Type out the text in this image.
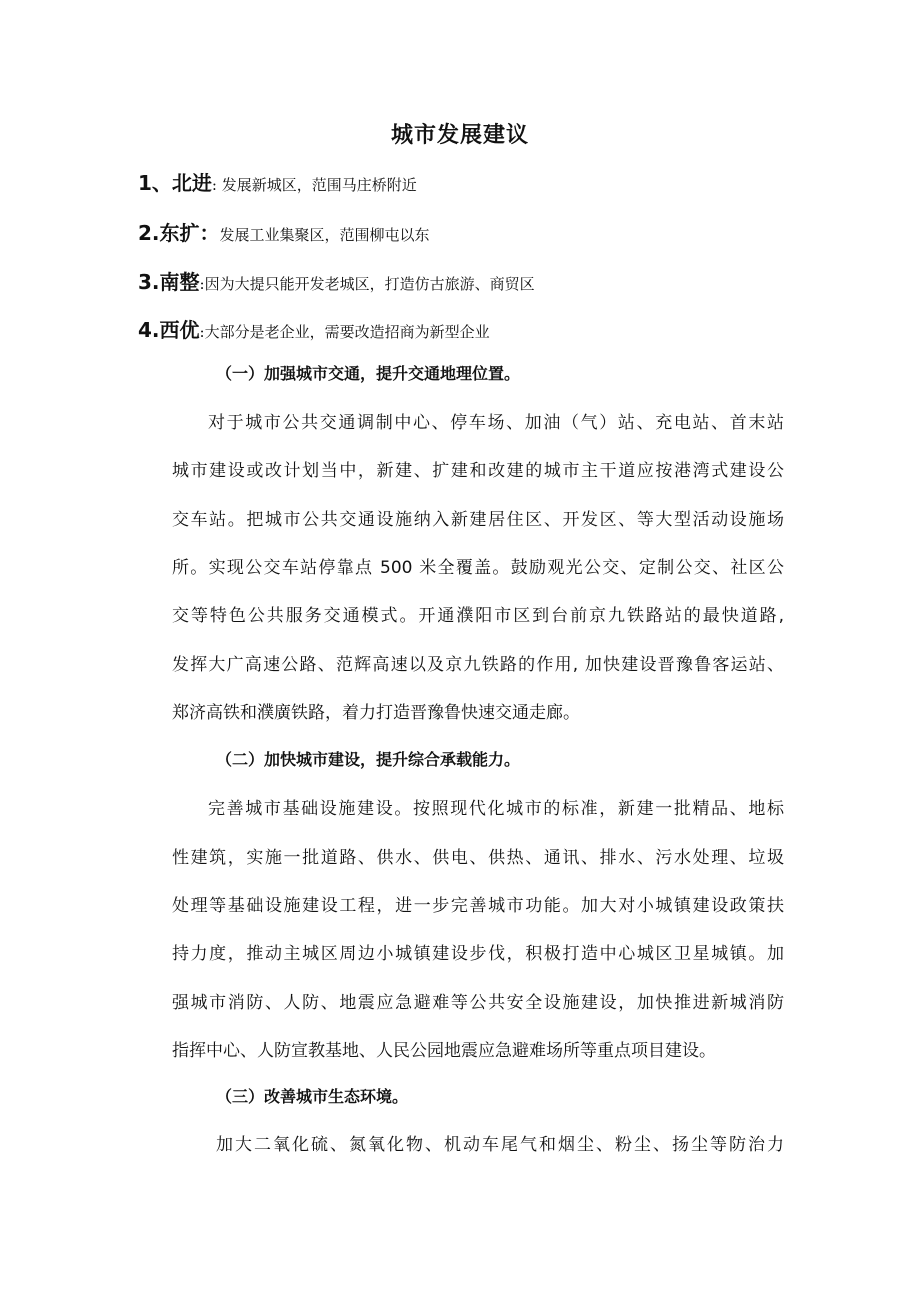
城市发展建议
1、北进: 发展新城区，范围马庄桥附近
2.东扩：发展工业集聚区，范围柳屯以东
3.南整:因为大提只能开发老城区，打造仿古旅游、商贸区
4.西优:大部分是老企业，需要改造招商为新型企业
（一）加强城市交通，提升交通地理位置。
对于城市公共交通调制中心、停车场、加油（气）站、充电站、首末站
城市建设或改计划当中，新建、扩建和改建的城市主干道应按港湾式建设公
交车站。把城市公共交通设施纳入新建居住区、开发区、等大型活动设施场
所。实现公交车站停靠点 500 米全覆盖。鼓励观光公交、定制公交、社区公
交等特色公共服务交通模式。开通濮阳市区到台前京九铁路站的最快道路,
发挥大广高速公路、范辉高速以及京九铁路的作用, 加快建设晋豫鲁客运站、
郑济高铁和濮廣铁路，着力打造晋豫鲁快速交通走廊。
（二）加快城市建设，提升综合承载能力。
完善城市基础设施建设。按照现代化城市的标准，新建一批精品、地标
性建筑，实施一批道路、供水、供电、供热、通讯、排水、污水处理、垃圾
处理等基础设施建设工程，进一步完善城市功能。加大对小城镇建设政策扶
持力度，推动主城区周边小城镇建设步伐，积极打造中心城区卫星城镇。加
强城市消防、人防、地震应急避难等公共安全设施建设，加快推进新城消防
指挥中心、人防宣教基地、人民公园地震应急避难场所等重点项目建设。
（三）改善城市生态环境。
加大二氧化硫、氮氧化物、机动车尾气和烟尘、粉尘、扬尘等防治力
